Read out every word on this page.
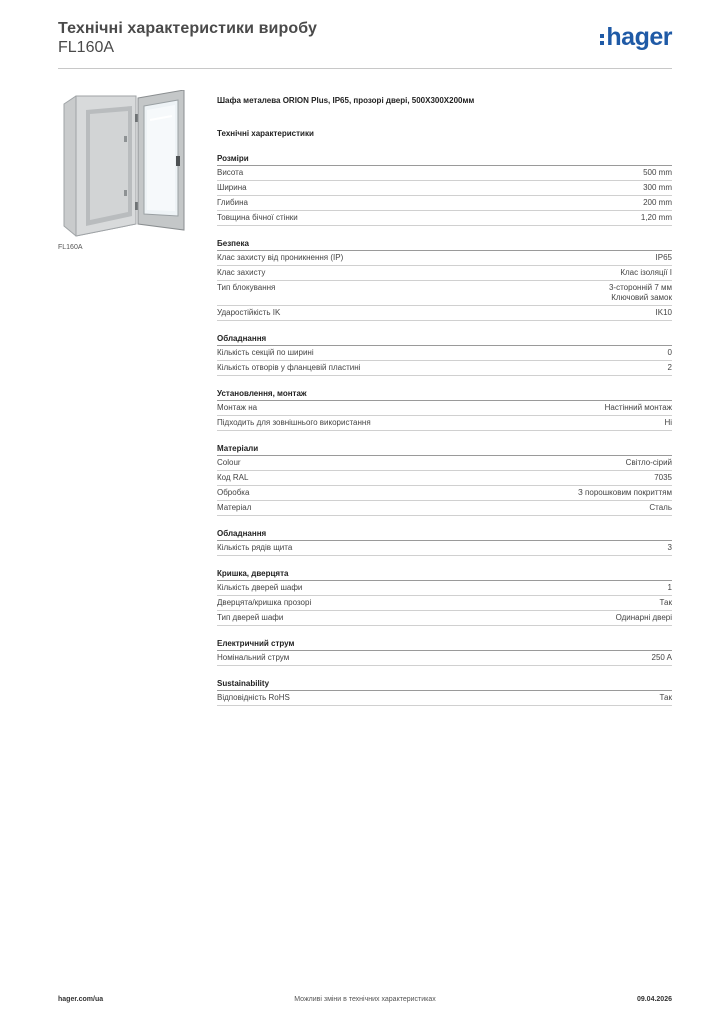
Технічні характеристики виробу
FL160A	hager
FL160A
Шафа металева ORION Plus, IP65, прозорі двері, 500X300X200мм
Технічні характеристики
Розміри
Висота	500 mm
Ширина	300 mm
Глибина	200 mm
Товщина бічної стінки	1,20 mm
Безпека
Клас захисту від проникнення (IP)	IP65
Клас захисту	Клас ізоляції I
Тип блокування	3-сторонній 7 мм
Ключовий замок
Ударостійкість IK	IK10
Обладнання
Кількість секцій по ширині	0
Кількість отворів у фланцевій пластині	2
Установлення, монтаж
Монтаж на	Настінний монтаж
Підходить для зовнішнього використання	Ні
Матеріали
Colour	Світло-сірий
Код RAL	7035
Обробка	З порошковим покриттям
Матеріал	Сталь
Обладнання
Кількість рядів щита	3
Кришка, дверцята
Кількість дверей шафи	1
Дверцята/кришка прозорі	Так
Тип дверей шафи	Одинарні двері
Електричний струм
Номінальний струм	250 A
Sustainability
Відповідність RoHS	Так
hager.com/ua	Можливі зміни в технічних характеристиках	09.04.2026
